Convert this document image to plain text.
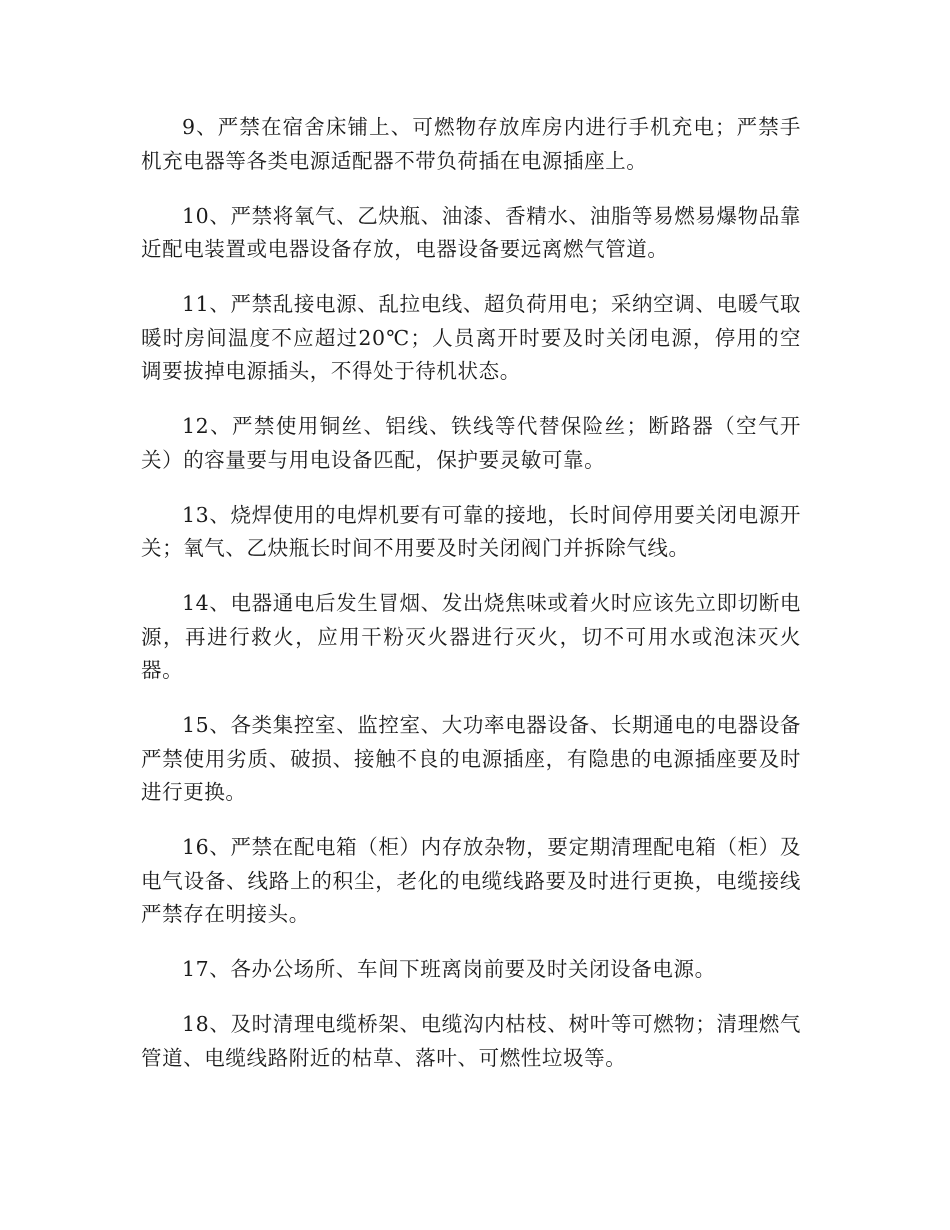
9、严禁在宿舍床铺上、可燃物存放库房内进行手机充电；严禁手机充电器等各类电源适配器不带负荷插在电源插座上。

10、严禁将氧气、乙炔瓶、油漆、香精水、油脂等易燃易爆物品靠近配电装置或电器设备存放，电器设备要远离燃气管道。

11、严禁乱接电源、乱拉电线、超负荷用电；采纳空调、电暖气取暖时房间温度不应超过20℃；人员离开时要及时关闭电源，停用的空调要拔掉电源插头，不得处于待机状态。

12、严禁使用铜丝、铝线、铁线等代替保险丝；断路器（空气开关）的容量要与用电设备匹配，保护要灵敏可靠。

13、烧焊使用的电焊机要有可靠的接地，长时间停用要关闭电源开关；氧气、乙炔瓶长时间不用要及时关闭阀门并拆除气线。

14、电器通电后发生冒烟、发出烧焦味或着火时应该先立即切断电源，再进行救火，应用干粉灭火器进行灭火，切不可用水或泡沫灭火器。

15、各类集控室、监控室、大功率电器设备、长期通电的电器设备严禁使用劣质、破损、接触不良的电源插座，有隐患的电源插座要及时进行更换。

16、严禁在配电箱（柜）内存放杂物，要定期清理配电箱（柜）及电气设备、线路上的积尘，老化的电缆线路要及时进行更换，电缆接线严禁存在明接头。

17、各办公场所、车间下班离岗前要及时关闭设备电源。

18、及时清理电缆桥架、电缆沟内枯枝、树叶等可燃物；清理燃气管道、电缆线路附近的枯草、落叶、可燃性垃圾等。
